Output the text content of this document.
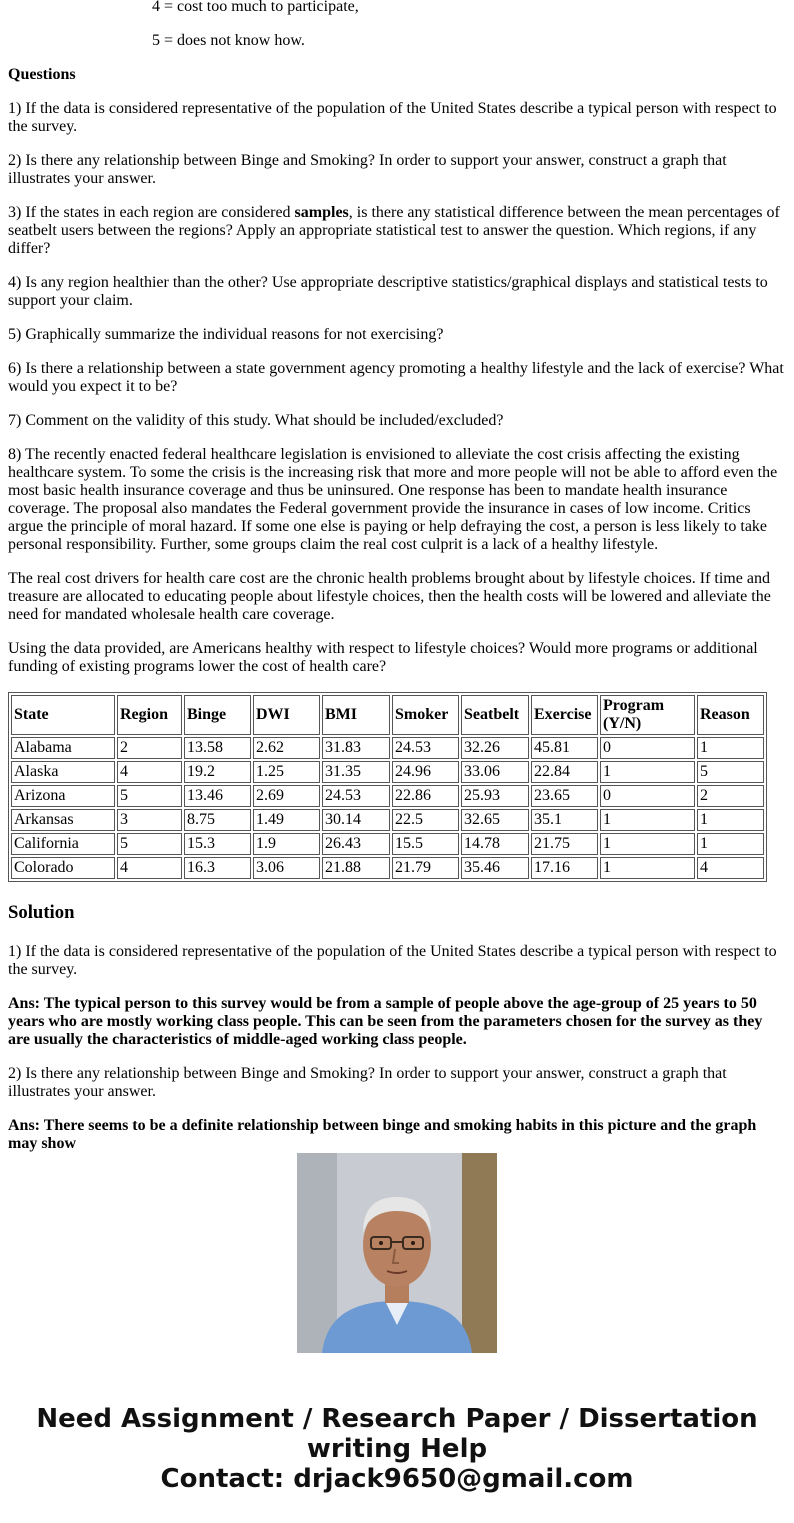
4 = cost too much to participate,

5 = does not know how.

Questions

1) If the data is considered representative of the population of the United States describe a typical person with respect to the survey.

2) Is there any relationship between Binge and Smoking? In order to support your answer, construct a graph that illustrates your answer.

3) If the states in each region are considered samples, is there any statistical difference between the mean percentages of seatbelt users between the regions? Apply an appropriate statistical test to answer the question. Which regions, if any differ?

4) Is any region healthier than the other? Use appropriate descriptive statistics/graphical displays and statistical tests to support your claim.

5) Graphically summarize the individual reasons for not exercising?

6) Is there a relationship between a state government agency promoting a healthy lifestyle and the lack of exercise? What would you expect it to be?

7) Comment on the validity of this study. What should be included/excluded?

8) The recently enacted federal healthcare legislation is envisioned to alleviate the cost crisis affecting the existing healthcare system. To some the crisis is the increasing risk that more and more people will not be able to afford even the most basic health insurance coverage and thus be uninsured. One response has been to mandate health insurance coverage. The proposal also mandates the Federal government provide the insurance in cases of low income. Critics argue the principle of moral hazard. If some one else is paying or help defraying the cost, a person is less likely to take personal responsibility. Further, some groups claim the real cost culprit is a lack of a healthy lifestyle.

The real cost drivers for health care cost are the chronic health problems brought about by lifestyle choices. If time and treasure are allocated to educating people about lifestyle choices, then the health costs will be lowered and alleviate the need for mandated wholesale health care coverage.

Using the data provided, are Americans healthy with respect to lifestyle choices? Would more programs or additional funding of existing programs lower the cost of health care?

State	Region	Binge	DWI	BMI	Smoker	Seatbelt	Exercise	Program (Y/N)	Reason
Alabama	2	13.58	2.62	31.83	24.53	32.26	45.81	0	1
Alaska	4	19.2	1.25	31.35	24.96	33.06	22.84	1	5
Arizona	5	13.46	2.69	24.53	22.86	25.93	23.65	0	2
Arkansas	3	8.75	1.49	30.14	22.5	32.65	35.1	1	1
California	5	15.3	1.9	26.43	15.5	14.78	21.75	1	1
Colorado	4	16.3	3.06	21.88	21.79	35.46	17.16	1	4
Solution

1) If the data is considered representative of the population of the United States describe a typical person with respect to the survey.

Ans: The typical person to this survey would be from a sample of people above the age-group of 25 years to 50 years who are mostly working class people. This can be seen from the parameters chosen for the survey as they are usually the characteristics of middle-aged working class people.

2) Is there any relationship between Binge and Smoking? In order to support your answer, construct a graph that illustrates your answer.

Ans: There seems to be a definite relationship between binge and smoking habits in this picture and the graph may show

Need Assignment / Research Paper / Dissertation writing Help
Contact: drjack9650@gmail.com
